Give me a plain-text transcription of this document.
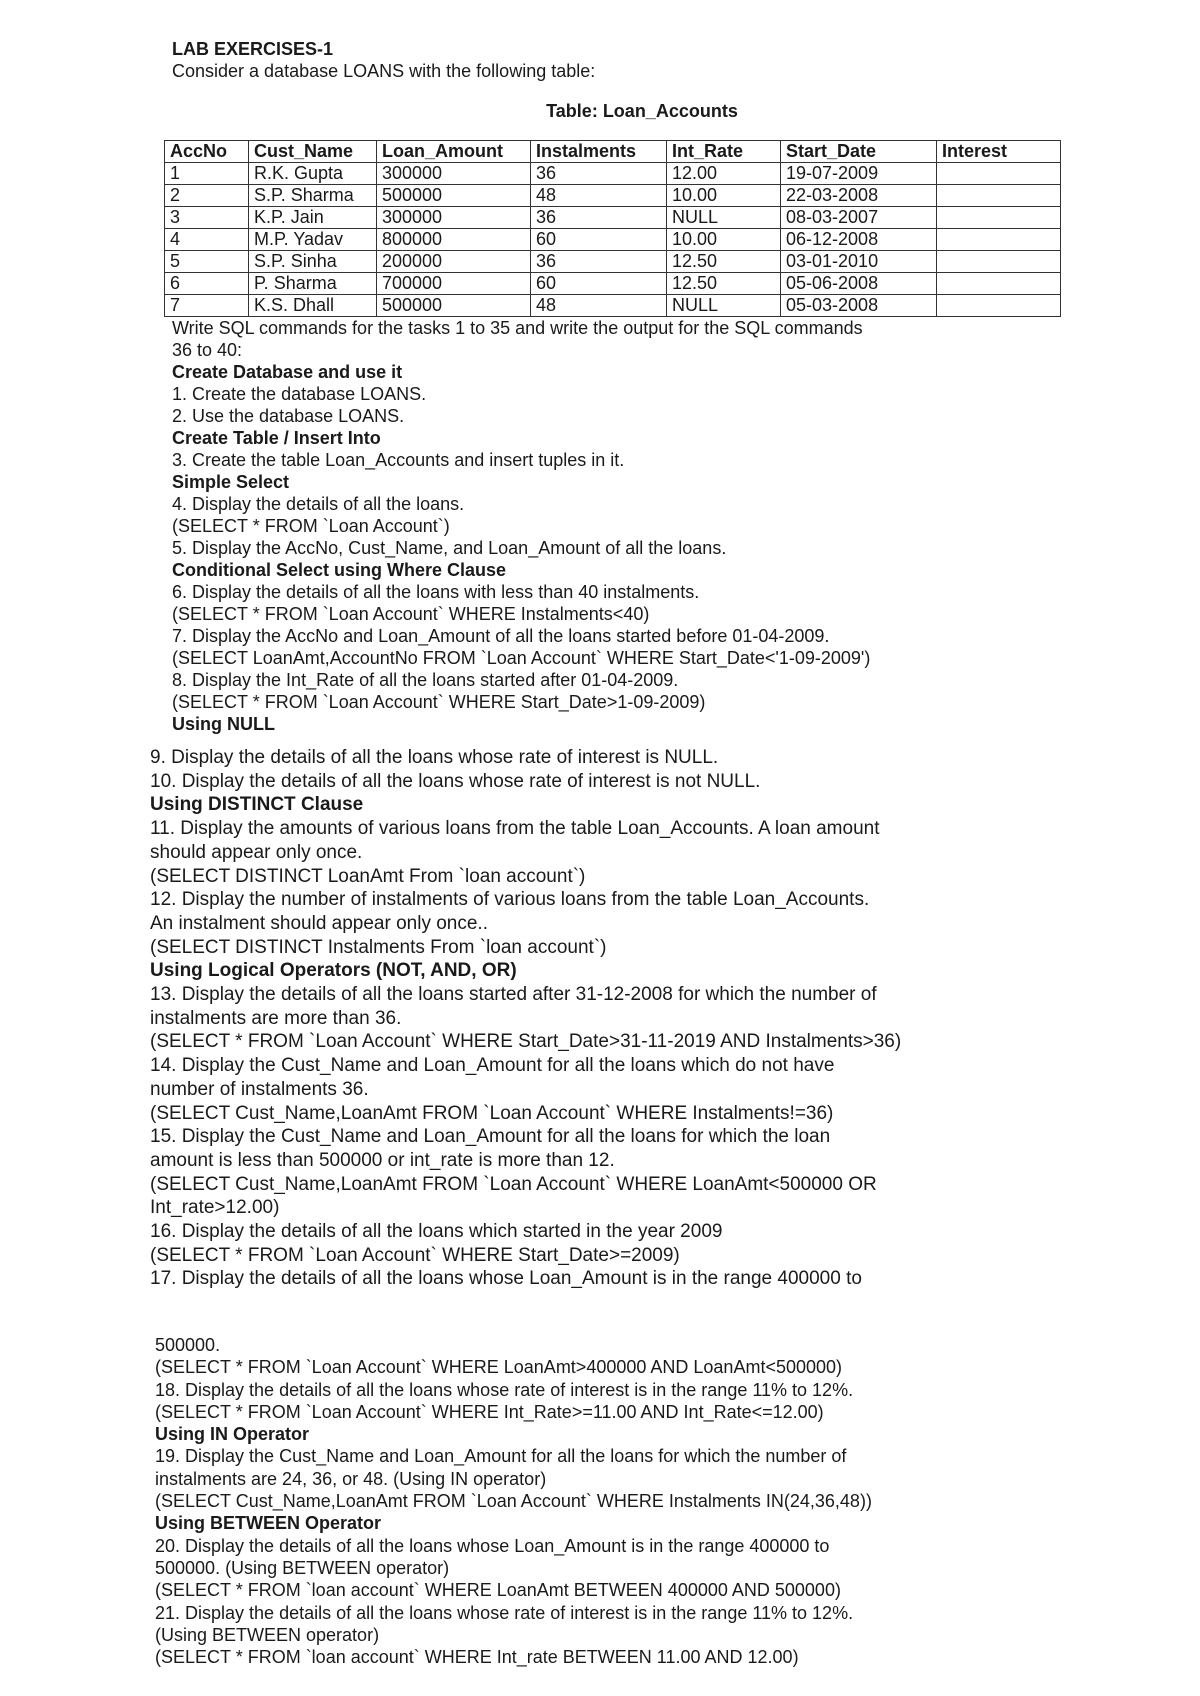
LAB EXERCISES-1

Consider a database LOANS with the following table:

Table: Loan_Accounts

AccNo	Cust_Name	Loan_Amount	Instalments	Int_Rate	Start_Date	Interest
1	R.K. Gupta	300000	36	12.00	19-07-2009	
2	S.P. Sharma	500000	48	10.00	22-03-2008	
3	K.P. Jain	300000	36	NULL	08-03-2007	
4	M.P. Yadav	800000	60	10.00	06-12-2008	
5	S.P. Sinha	200000	36	12.50	03-01-2010	
6	P. Sharma	700000	60	12.50	05-06-2008	
7	K.S. Dhall	500000	48	NULL	05-03-2008	

Write SQL commands for the tasks 1 to 35 and write the output for the SQL commands

36 to 40:

Create Database and use it

1. Create the database LOANS.

2. Use the database LOANS.

Create Table / Insert Into

3. Create the table Loan_Accounts and insert tuples in it.

Simple Select

4. Display the details of all the loans.

(SELECT * FROM `Loan Account`)

5. Display the AccNo, Cust_Name, and Loan_Amount of all the loans.

Conditional Select using Where Clause

6. Display the details of all the loans with less than 40 instalments.

(SELECT * FROM `Loan Account` WHERE Instalments<40)

7. Display the AccNo and Loan_Amount of all the loans started before 01-04-2009.

(SELECT LoanAmt,AccountNo FROM `Loan Account` WHERE Start_Date<'1-09-2009')

8. Display the Int_Rate of all the loans started after 01-04-2009.

(SELECT * FROM `Loan Account` WHERE Start_Date>1-09-2009)

Using NULL

9. Display the details of all the loans whose rate of interest is NULL.

10. Display the details of all the loans whose rate of interest is not NULL.

Using DISTINCT Clause

11. Display the amounts of various loans from the table Loan_Accounts. A loan amount

should appear only once.

(SELECT DISTINCT LoanAmt From `loan account`)

12. Display the number of instalments of various loans from the table Loan_Accounts.

An instalment should appear only once..

(SELECT DISTINCT Instalments From `loan account`)

Using Logical Operators (NOT, AND, OR)

13. Display the details of all the loans started after 31-12-2008 for which the number of

instalments are more than 36.

(SELECT * FROM `Loan Account` WHERE Start_Date>31-11-2019 AND Instalments>36)

14. Display the Cust_Name and Loan_Amount for all the loans which do not have

number of instalments 36.

(SELECT Cust_Name,LoanAmt FROM `Loan Account` WHERE Instalments!=36)

15. Display the Cust_Name and Loan_Amount for all the loans for which the loan

amount is less than 500000 or int_rate is more than 12.

(SELECT Cust_Name,LoanAmt FROM `Loan Account` WHERE LoanAmt<500000 OR

Int_rate>12.00)

16. Display the details of all the loans which started in the year 2009

(SELECT * FROM `Loan Account` WHERE Start_Date>=2009)

17. Display the details of all the loans whose Loan_Amount is in the range 400000 to

500000.

(SELECT * FROM `Loan Account` WHERE LoanAmt>400000 AND LoanAmt<500000)

18. Display the details of all the loans whose rate of interest is in the range 11% to 12%.

(SELECT * FROM `Loan Account` WHERE Int_Rate>=11.00 AND Int_Rate<=12.00)

Using IN Operator

19. Display the Cust_Name and Loan_Amount for all the loans for which the number of

instalments are 24, 36, or 48. (Using IN operator)

(SELECT Cust_Name,LoanAmt FROM `Loan Account` WHERE Instalments IN(24,36,48))

Using BETWEEN Operator

20. Display the details of all the loans whose Loan_Amount is in the range 400000 to

500000. (Using BETWEEN operator)

(SELECT * FROM `loan account` WHERE LoanAmt BETWEEN 400000 AND 500000)

21. Display the details of all the loans whose rate of interest is in the range 11% to 12%.

(Using BETWEEN operator)

(SELECT * FROM `loan account` WHERE Int_rate BETWEEN 11.00 AND 12.00)
